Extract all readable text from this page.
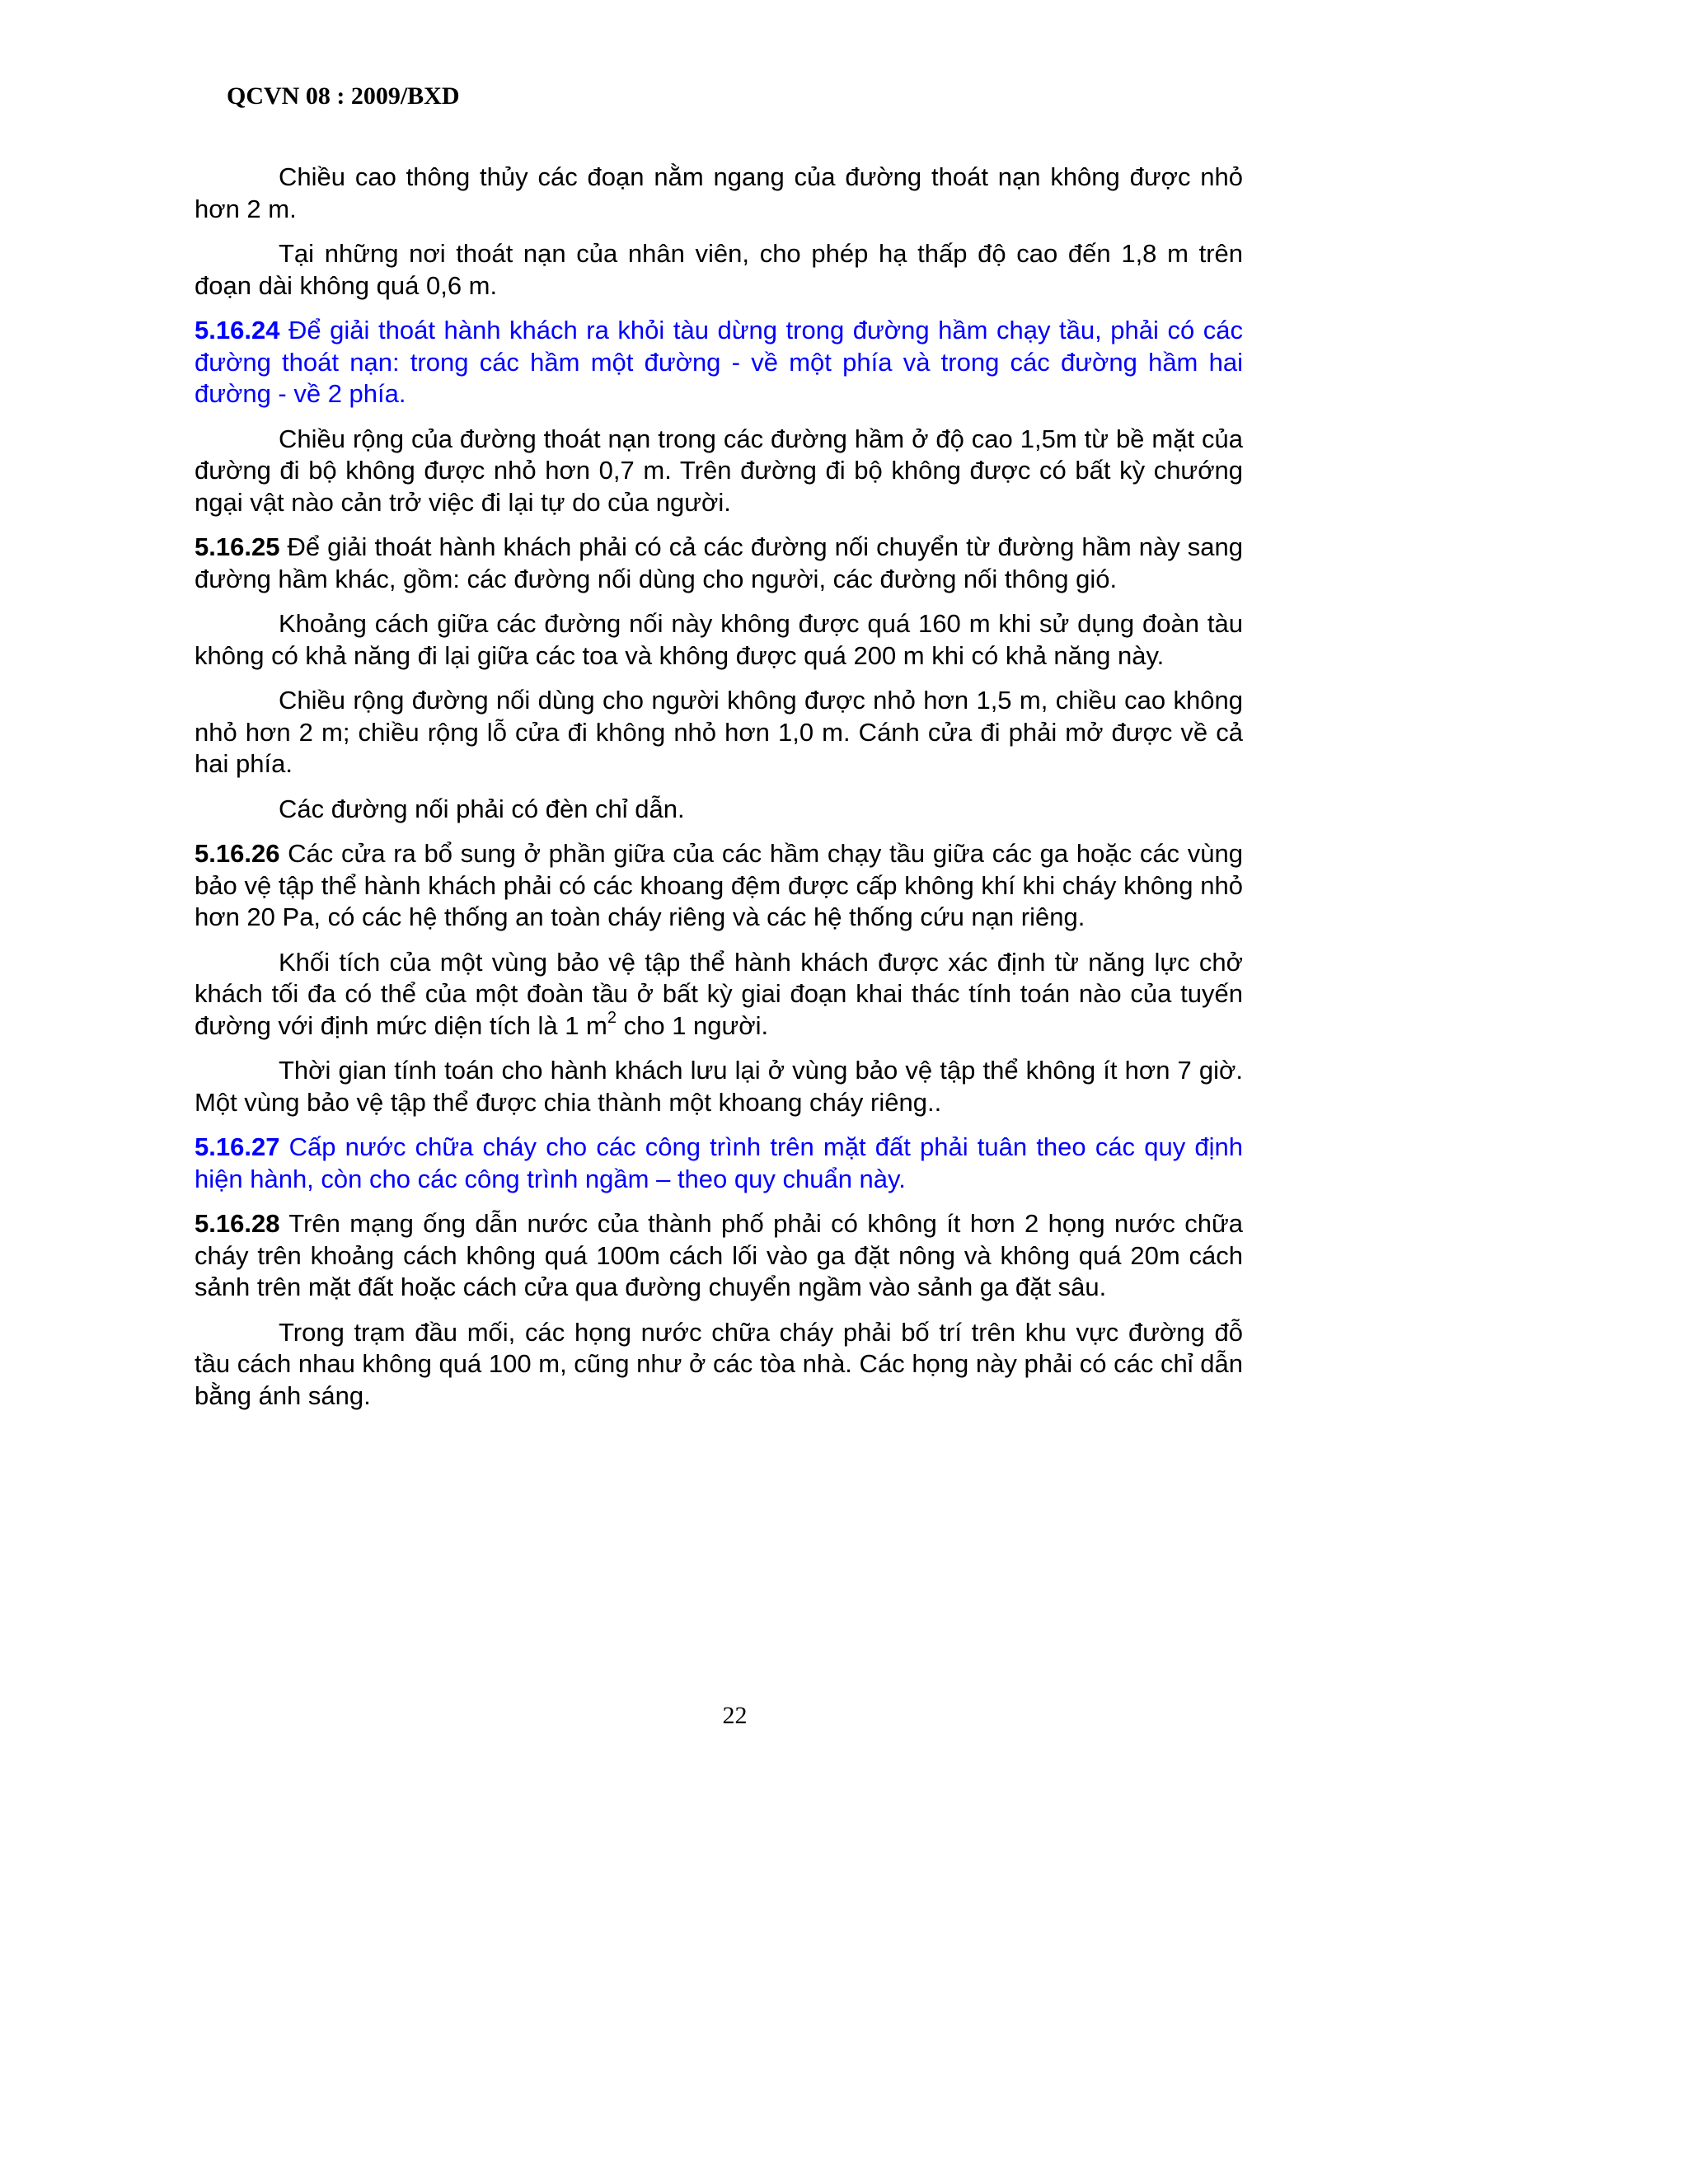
QCVN 08 : 2009/BXD

Chiều cao thông thủy các đoạn nằm ngang của đường thoát nạn không được nhỏ hơn 2 m.

Tại những nơi thoát nạn của nhân viên, cho phép hạ thấp độ cao đến 1,8 m trên đoạn dài không quá 0,6 m.

5.16.24 Để giải thoát hành khách ra khỏi tàu dừng trong đường hầm chạy tầu, phải có các đường thoát nạn: trong các hầm một đường - về một phía và trong các đường hầm hai đường - về 2 phía.

Chiều rộng của đường thoát nạn trong các đường hầm ở độ cao 1,5m từ bề mặt của đường đi bộ không được nhỏ hơn 0,7 m. Trên đường đi bộ không được có bất kỳ chướng ngại vật nào cản trở việc đi lại tự do của người.

5.16.25 Để giải thoát hành khách phải có cả các đường nối chuyển từ đường hầm này sang đường hầm khác, gồm: các đường nối dùng cho người, các đường nối thông gió.

Khoảng cách giữa các đường nối này không được quá 160 m khi sử dụng đoàn tàu không có khả năng đi lại giữa các toa và không được quá 200 m khi có khả năng này.

Chiều rộng đường nối dùng cho người không được nhỏ hơn 1,5 m, chiều cao không nhỏ hơn 2 m; chiều rộng lỗ cửa đi không nhỏ hơn 1,0 m. Cánh cửa đi phải mở được về cả hai phía.

Các đường nối phải có đèn chỉ dẫn.

5.16.26 Các cửa ra bổ sung ở phần giữa của các hầm chạy tầu giữa các ga hoặc các vùng bảo vệ tập thể hành khách phải có các khoang đệm được cấp không khí khi cháy không nhỏ hơn 20 Pa, có các hệ thống an toàn cháy riêng và các hệ thống cứu nạn riêng.

Khối tích của một vùng bảo vệ tập thể hành khách được xác định từ năng lực chở khách tối đa có thể của một đoàn tầu ở bất kỳ giai đoạn khai thác tính toán nào của tuyến đường với định mức diện tích là 1 $m^2$ cho 1 người.

Thời gian tính toán cho hành khách lưu lại ở vùng bảo vệ tập thể không ít hơn 7 giờ. Một vùng bảo vệ tập thể được chia thành một khoang cháy riêng..

5.16.27 Cấp nước chữa cháy cho các công trình trên mặt đất phải tuân theo các quy định hiện hành, còn cho các công trình ngầm – theo quy chuẩn này.

5.16.28 Trên mạng ống dẫn nước của thành phố phải có không ít hơn 2 họng nước chữa cháy trên khoảng cách không quá 100m cách lối vào ga đặt nông và không quá 20m cách sảnh trên mặt đất hoặc cách cửa qua đường chuyển ngầm vào sảnh ga đặt sâu.

Trong trạm đầu mối, các họng nước chữa cháy phải bố trí trên khu vực đường đỗ tầu cách nhau không quá 100 m, cũng như ở các tòa nhà. Các họng này phải có các chỉ dẫn bằng ánh sáng.

22
